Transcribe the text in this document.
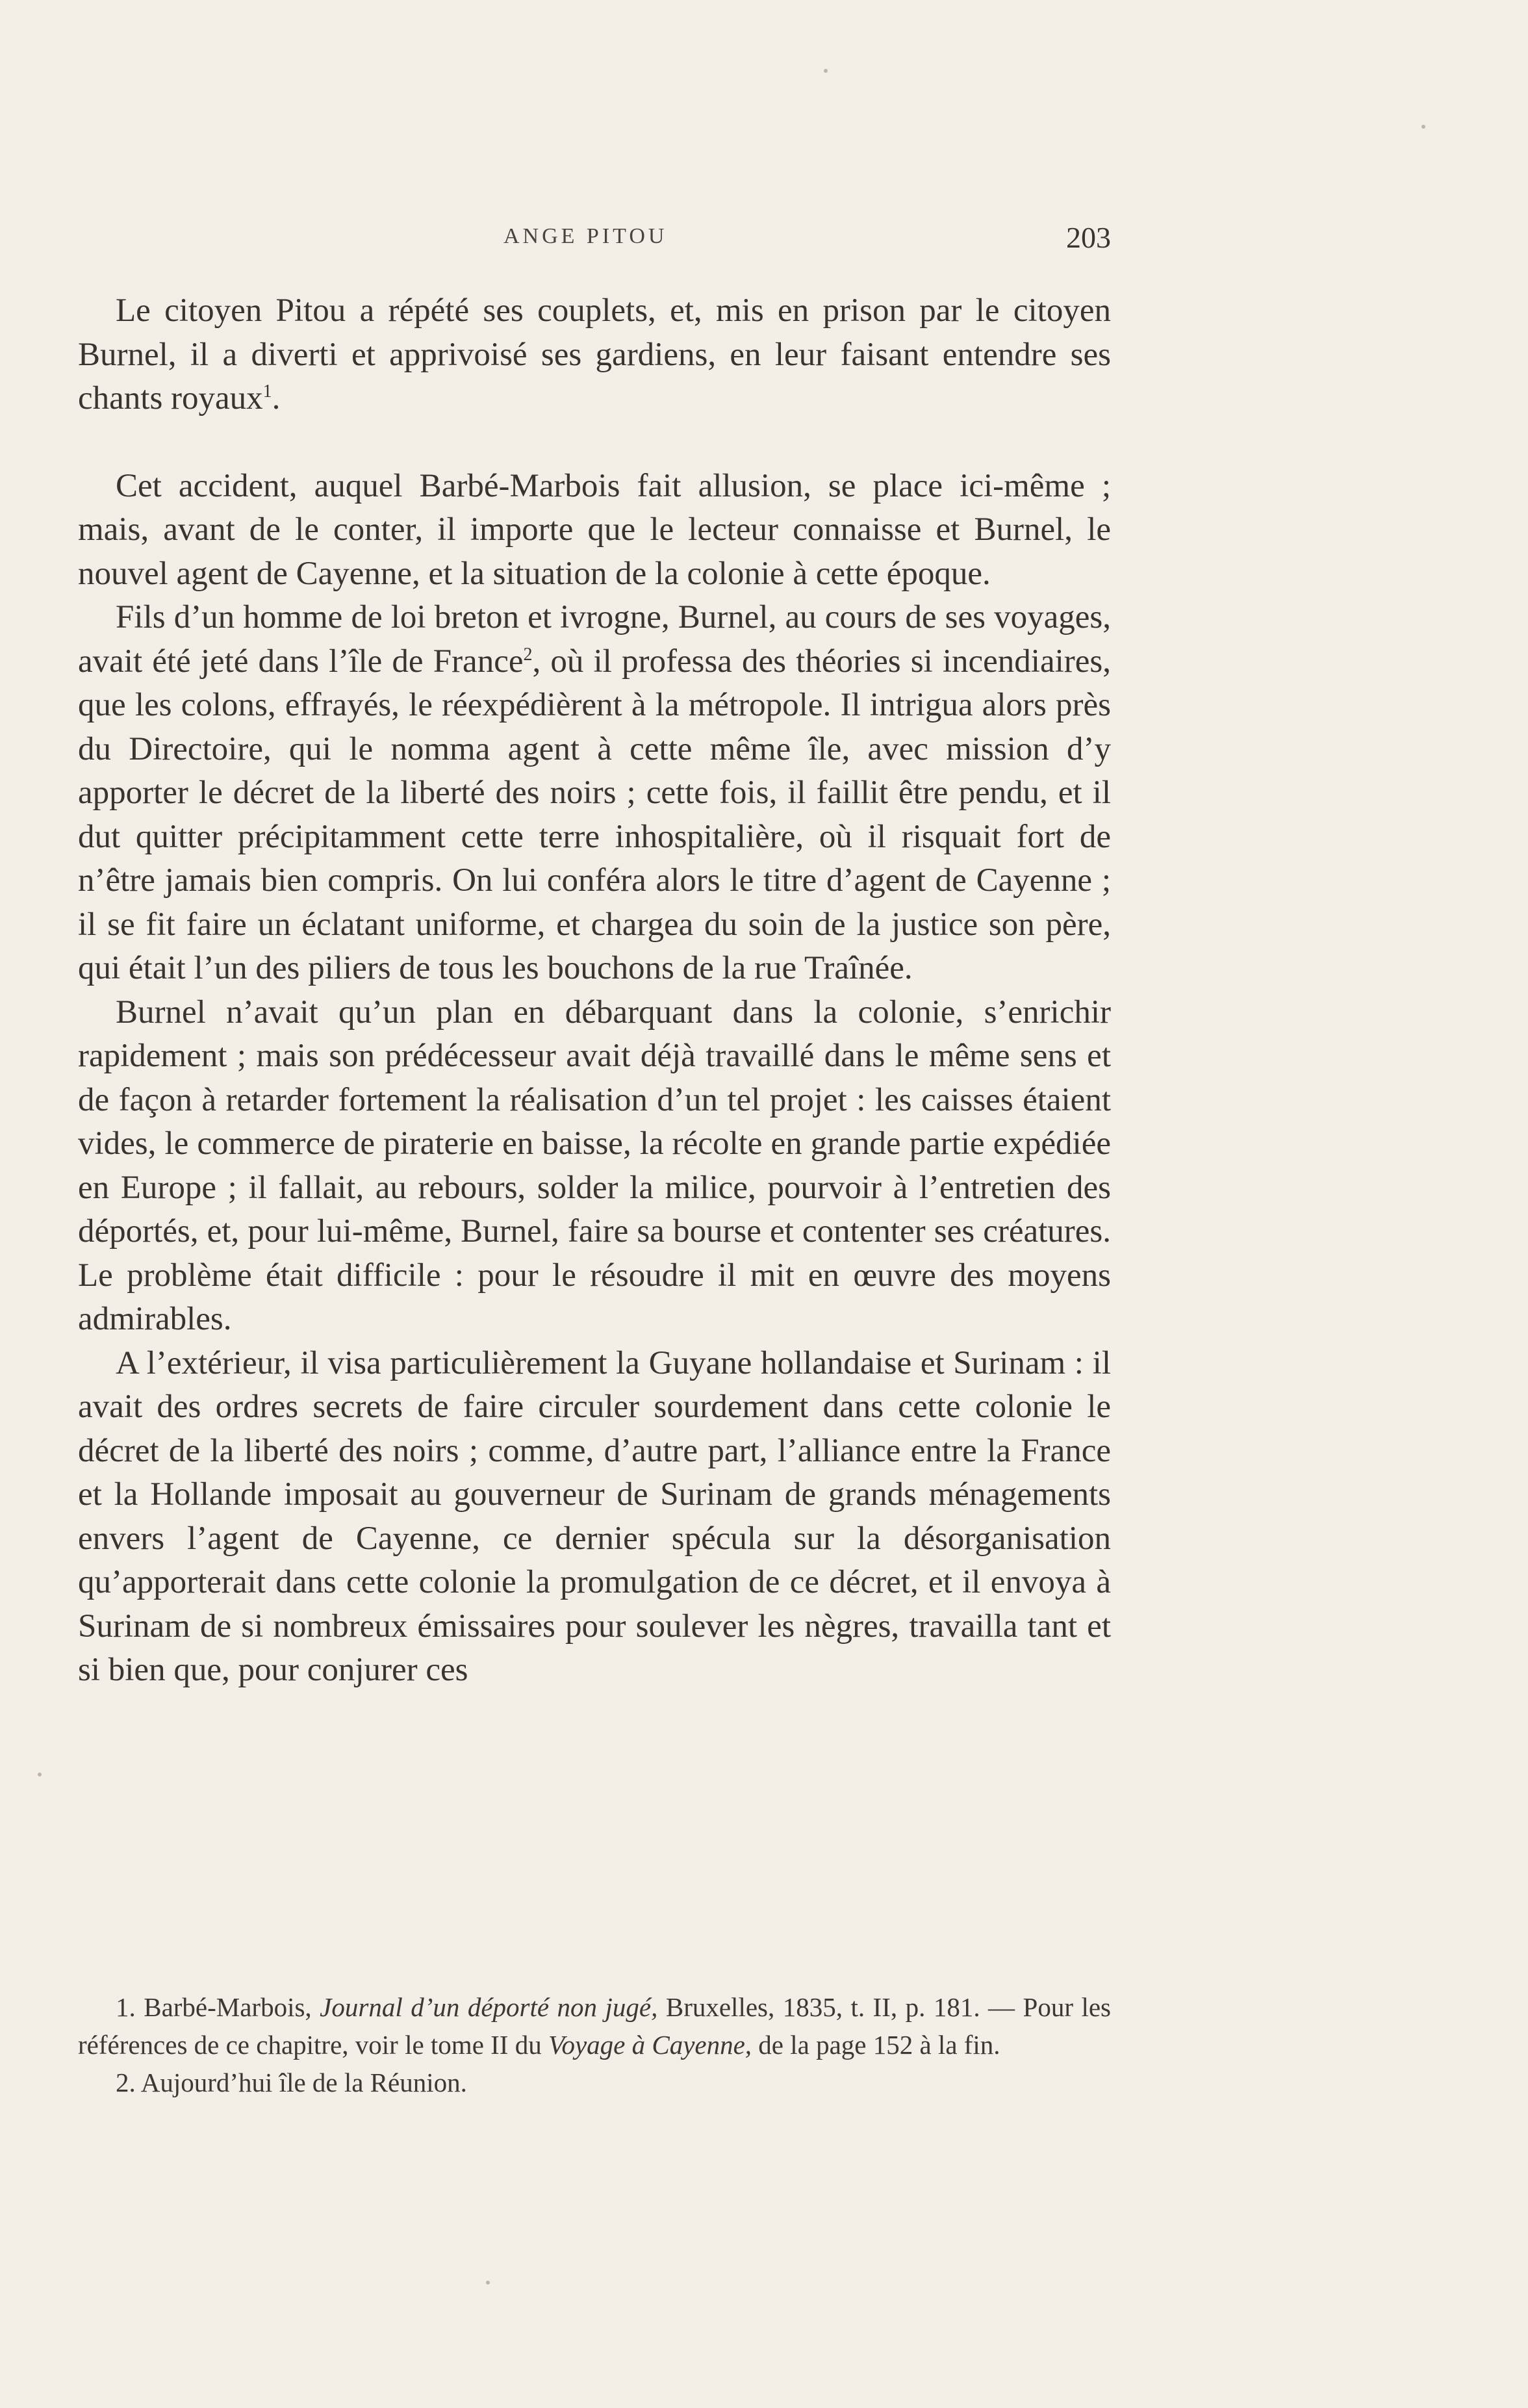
ANGE PITOU	203

Le citoyen Pitou a répété ses couplets, et, mis en prison par le citoyen Burnel, il a diverti et apprivoisé ses gardiens, en leur faisant entendre ses chants royaux$^1$.

Cet accident, auquel Barbé-Marbois fait allusion, se place ici-même ; mais, avant de le conter, il importe que le lecteur connaisse et Burnel, le nouvel agent de Cayenne, et la situation de la colonie à cette époque.

Fils d’un homme de loi breton et ivrogne, Burnel, au cours de ses voyages, avait été jeté dans l’île de France$^2$, où il professa des théories si incendiaires, que les colons, effrayés, le réexpédièrent à la métropole. Il intrigua alors près du Directoire, qui le nomma agent à cette même île, avec mission d’y apporter le décret de la liberté des noirs ; cette fois, il faillit être pendu, et il dut quitter précipitamment cette terre inhospitalière, où il risquait fort de n’être jamais bien compris. On lui conféra alors le titre d’agent de Cayenne ; il se fit faire un éclatant uniforme, et chargea du soin de la justice son père, qui était l’un des piliers de tous les bouchons de la rue Traînée.

Burnel n’avait qu’un plan en débarquant dans la colonie, s’enrichir rapidement ; mais son prédécesseur avait déjà travaillé dans le même sens et de façon à retarder fortement la réalisation d’un tel projet : les caisses étaient vides, le commerce de piraterie en baisse, la récolte en grande partie expédiée en Europe ; il fallait, au rebours, solder la milice, pourvoir à l’entretien des déportés, et, pour lui-même, Burnel, faire sa bourse et contenter ses créatures. Le problème était difficile : pour le résoudre il mit en œuvre des moyens admirables.

A l’extérieur, il visa particulièrement la Guyane hollandaise et Surinam : il avait des ordres secrets de faire circuler sourdement dans cette colonie le décret de la liberté des noirs ; comme, d’autre part, l’alliance entre la France et la Hollande imposait au gouverneur de Surinam de grands ménagements envers l’agent de Cayenne, ce dernier spécula sur la désorganisation qu’apporterait dans cette colonie la promulgation de ce décret, et il envoya à Surinam de si nombreux émissaires pour soulever les nègres, travailla tant et si bien que, pour conjurer ces

1. Barbé-Marbois, Journal d’un déporté non jugé, Bruxelles, 1835, t. II, p. 181. — Pour les références de ce chapitre, voir le tome II du Voyage à Cayenne, de la page 152 à la fin.

2. Aujourd’hui île de la Réunion.
